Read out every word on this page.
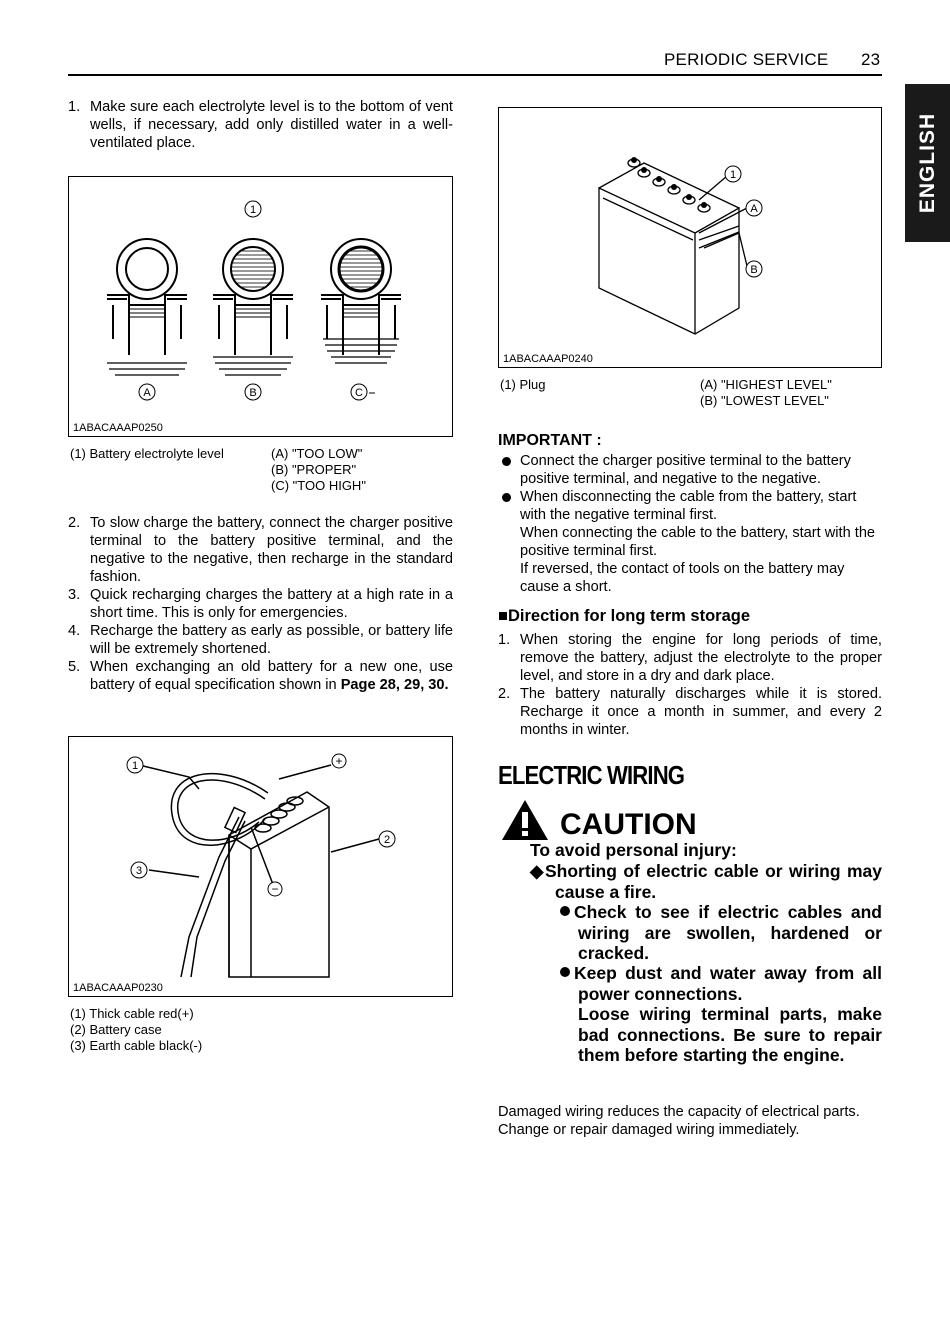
PERIODIC SERVICE 23
ENGLISH
1. Make sure each electrolyte level is to the bottom of vent wells, if necessary, add only distilled water in a well-ventilated place.
1
A	B	C
1ABACAAAP0250
(1) Battery electrolyte level	(A) "TOO LOW"
(B) "PROPER"
(C) "TOO HIGH"
2. To slow charge the battery, connect the charger positive terminal to the battery positive terminal, and the negative to the negative, then recharge in the standard fashion.
3. Quick recharging charges the battery at a high rate in a short time. This is only for emergencies.
4. Recharge the battery as early as possible, or battery life will be extremely shortened.
5. When exchanging an old battery for a new one, use battery of equal specification shown in Page 28, 29, 30.
1	+
2
3
−
1ABACAAAP0230
(1) Thick cable red(+)
(2) Battery case
(3) Earth cable black(-)
1
A
B
1ABACAAAP0240
(1) Plug	(A) "HIGHEST LEVEL"
(B) "LOWEST LEVEL"
IMPORTANT :
Connect the charger positive terminal to the battery positive terminal, and negative to the negative.
When disconnecting the cable from the battery, start with the negative terminal first.
When connecting the cable to the battery, start with the positive terminal first.
If reversed, the contact of tools on the battery may cause a short.
■Direction for long term storage
1. When storing the engine for long periods of time, remove the battery, adjust the electrolyte to the proper level, and store in a dry and dark place.
2. The battery naturally discharges while it is stored. Recharge it once a month in summer, and every 2 months in winter.
ELECTRIC WIRING
CAUTION
To avoid personal injury:
◆Shorting of electric cable or wiring may cause a fire.
Check to see if electric cables and wiring are swollen, hardened or cracked.
Keep dust and water away from all power connections.
Loose wiring terminal parts, make bad connections. Be sure to repair them before starting the engine.
Damaged wiring reduces the capacity of electrical parts.
Change or repair damaged wiring immediately.
